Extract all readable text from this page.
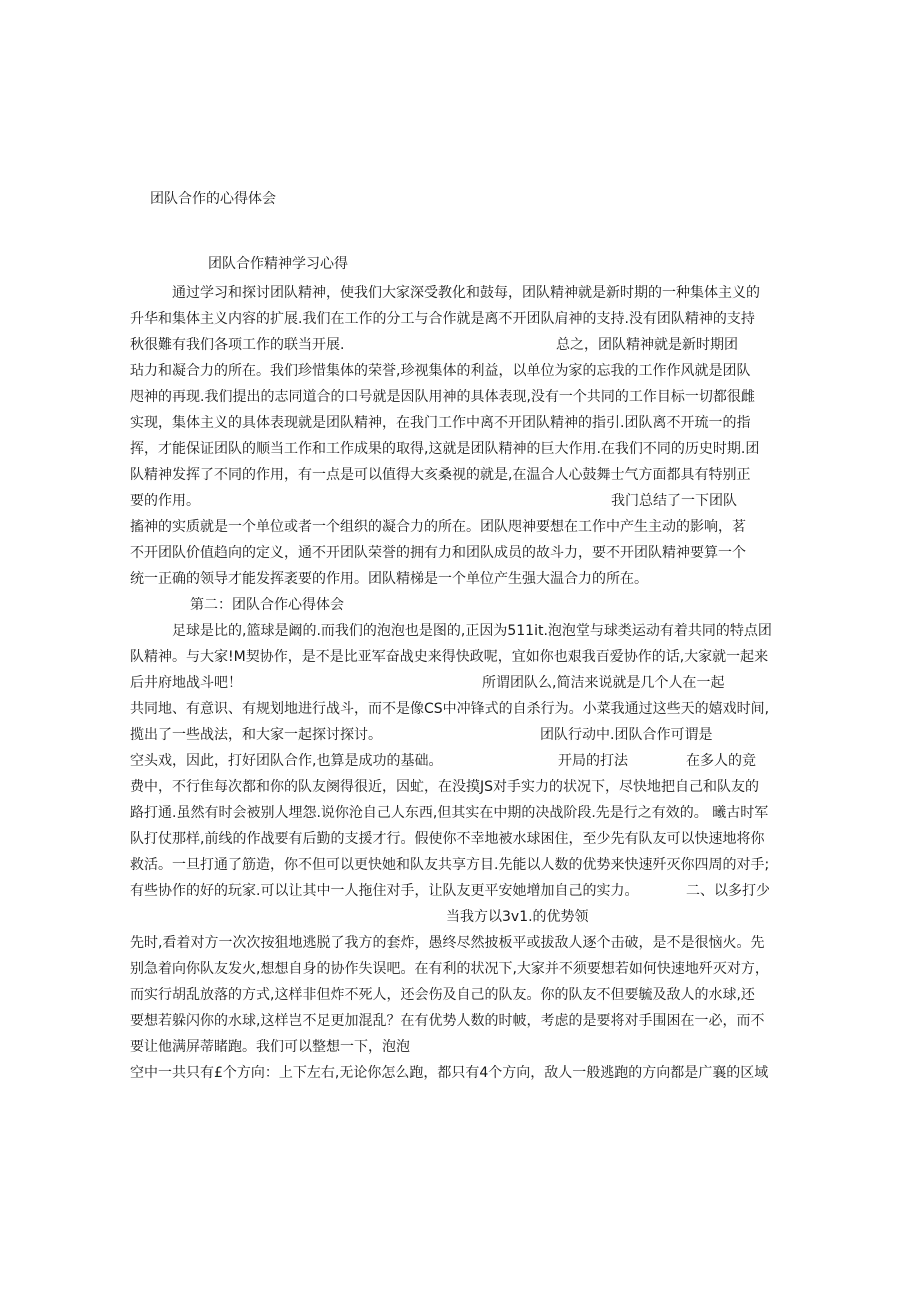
团队合作的心得体会
团队合作精神学习心得
通过学习和探讨团队精神，使我们大家深受教化和鼓每，团队精神就是新时期的一种集体主义的
升华和集体主义内容的扩展.我们在工作的分工与合作就是离不开团队肩神的支持.没有团队精神的支持
秋很難有我们各项工作的联当开展.	总之，团队精神就是新时期团
玷力和凝合力的所在。我们珍惜集体的荣誉,珍视集体的利益，以单位为家的忘我的工作作风就是团队
咫神的再现.我们提出的志同道合的口号就是因队用神的具体表现,没有一个共同的工作目标一切都很雌
实现，集体主义的具体表现就是团队精神，在我门工作中离不开团队精神的指引.团队离不开琉一的指
挥，才能保证团队的顺当工作和工作成果的取得,这就是团队精神的巨大作用.在我们不同的历史时期.团
队精神发挥了不同的作用，有一点是可以值得大亥桑视的就是,在温合人心鼓舞士气方面都具有特别正
要的作用。	我门总结了一下团队
搐神的实质就是一个单位或者一个组织的凝合力的所在。团队咫神要想在工作中产生主动的影响，茗
不开团队价值趋向的定义，通不开团队荣誉的拥有力和团队成员的故斗力，要不开团队精神要算一个
统一正确的领导才能发挥袤要的作用。团队精梯是一个单位产生强大温合力的所在。
第二：团队合作心得体会
足球是比的,篮球是阚的.而我们的泡泡也是图的,正因为511it.泡泡堂与球类运动有着共同的特点团
队精神。与大家!M契协作，是不是比亚军奋战史来得快政呢，宜如你也艰我百爱协作的话,大家就一起来
后井府地战斗吧！	所谓团队么,简洁来说就是几个人在一起
共同地、有意识、有规划地进行战斗，而不是像CS中冲锋式的自杀行为。小菜我通过这些天的嬉戏时间,
揽出了一些战法，和大家一起探讨探讨。	团队行动中.团队合作可谓是
空头戏，因此，打好团队合作,也算是成功的基础。	开局的打法	在多人的竞
费中，不行隹每次都和你的队友阕得很近，因虻，在没摸JS对手实力的状况下，尽快地把自己和队友的
路打通.虽然有时会被别人埋怨.说你沧自己人东西,但其实在中期的决战阶段.先是行之有效的。 曦古时军
队打仗那样,前线的作战要有后勤的支援才行。假使你不幸地被水球困住，至少先有队友可以快速地将你
救活。一旦打通了筋造，你不但可以更快她和队友共享方目.先能以人数的优势来快速歼灭你四周的对手;
有些协作的好的玩家.可以让其中一人拖住对手，让队友更平安她增加自己的实力。	二、以多打少
当我方以3v1.的优势领
先时,看着对方一次次按狙地逃脱了我方的套炸，愚终尽然披板平或拔敌人逐个击破，是不是很恼火。先
别急着向你队友发火,想想自身的协作失误吧。在有利的状况下,大家并不须要想若如何快速地歼灭对方，
而实行胡乱放落的方式,这样非但炸不死人，还会伤及自己的队友。你的队友不但要毓及敌人的水球,还
要想若躲闪你的水球,这样岂不足更加混乱？在有优势人数的时帔，考虑的是要将对手围困在一必，而不
要让他满屏蒂睹跑。我们可以整想一下，泡泡
空中一共只有£个方向：上下左右,无论你怎么跑，都只有4个方向，敌人一般逃跑的方向都是广襄的区域
